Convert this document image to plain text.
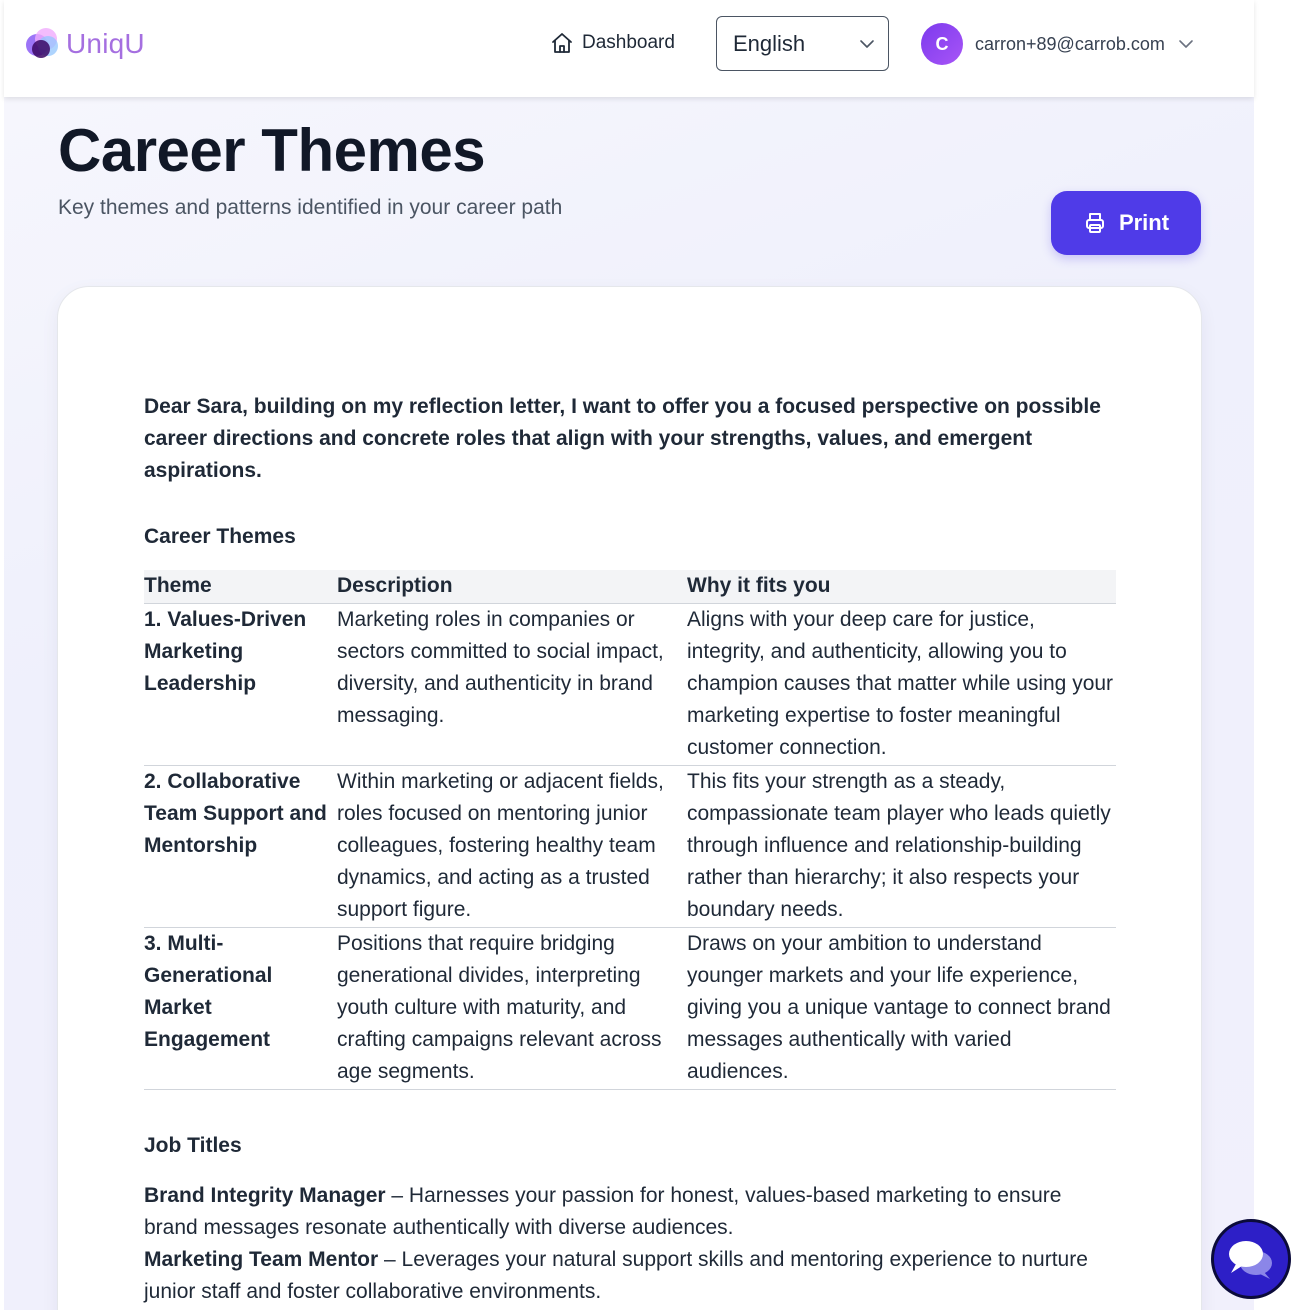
UniqU	Dashboard	English	C	carron+89@carrob.com
Career Themes

Key themes and patterns identified in your career path

Print

Dear Sara, building on my reflection letter, I want to offer you a focused perspective on possible career directions and concrete roles that align with your strengths, values, and emergent aspirations.

Career Themes
Theme	Description	Why it fits you
1. Values-Driven Marketing Leadership	Marketing roles in companies or sectors committed to social impact, diversity, and authenticity in brand messaging.	Aligns with your deep care for justice, integrity, and authenticity, allowing you to champion causes that matter while using your marketing expertise to foster meaningful customer connection.
2. Collaborative Team Support and Mentorship	Within marketing or adjacent fields, roles focused on mentoring junior colleagues, fostering healthy team dynamics, and acting as a trusted support figure.	This fits your strength as a steady, compassionate team player who leads quietly through influence and relationship-building rather than hierarchy; it also respects your boundary needs.
3. Multi-Generational Market Engagement	Positions that require bridging generational divides, interpreting youth culture with maturity, and crafting campaigns relevant across age segments.	Draws on your ambition to understand younger markets and your life experience, giving you a unique vantage to connect brand messages authentically with varied audiences.
Job Titles

Brand Integrity Manager – Harnesses your passion for honest, values-based marketing to ensure brand messages resonate authentically with diverse audiences.

Marketing Team Mentor – Leverages your natural support skills and mentoring experience to nurture junior staff and foster collaborative environments.
